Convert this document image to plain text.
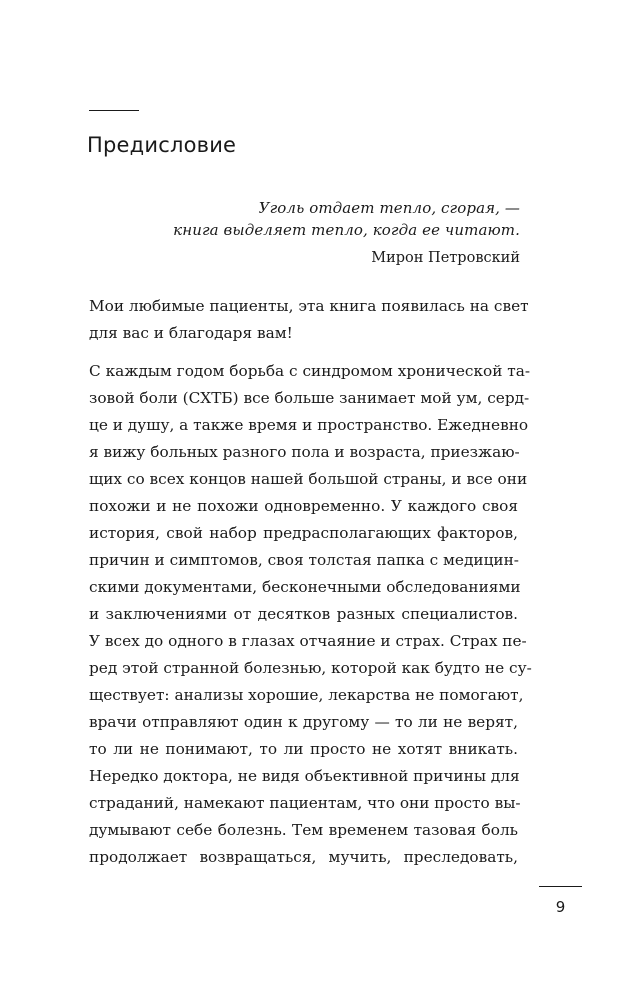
Предисловие
Уголь отдает тепло, сгорая, —
книга выделяет тепло, когда ее читают.
Мирон Петровский

Мои любимые пациенты, эта книга появилась на свет
для вас и благодаря вам!

С каждым годом борьба с синдромом хронической та-
зовой боли (СХТБ) все больше занимает мой ум, серд-
це и душу, а также время и пространство. Ежедневно
я вижу больных разного пола и возраста, приезжаю-
щих со всех концов нашей большой страны, и все они
похожи и не похожи одновременно. У каждого своя
история, свой набор предрасполагающих факторов,
причин и симптомов, своя толстая папка с медицин-
скими документами, бесконечными обследованиями
и заключениями от десятков разных специалистов.
У всех до одного в глазах отчаяние и страх. Страх пе-
ред этой странной болезнью, которой как будто не су-
ществует: анализы хорошие, лекарства не помогают,
врачи отправляют один к другому — то ли не верят,
то ли не понимают, то ли просто не хотят вникать.
Нередко доктора, не видя объективной причины для
страданий, намекают пациентам, что они просто вы-
думывают себе болезнь. Тем временем тазовая боль
продолжает возвращаться, мучить, преследовать,

9
